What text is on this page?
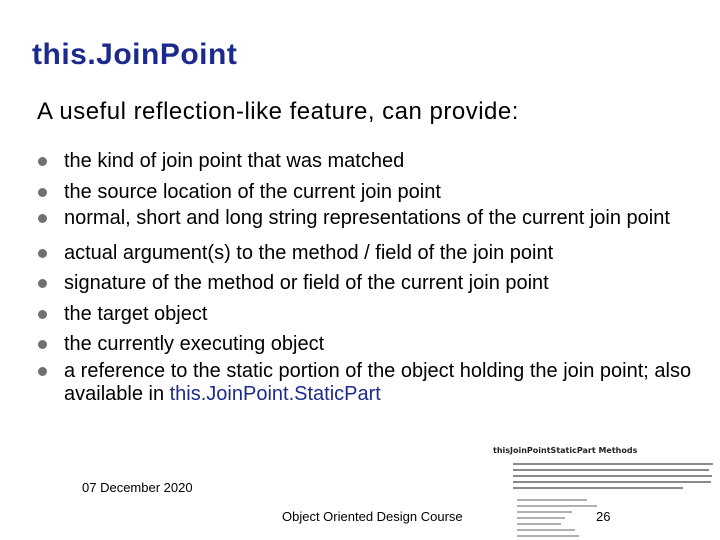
this.JoinPoint
A useful reflection-like feature, can provide:
the kind of join point that was matched
the source location of the current join point
normal, short and long string representations of the current join point
actual argument(s) to the method / field of the join point
signature of the method or field of the current join point
the target object
the currently executing object
a reference to the static portion of the object holding the join point; also available in this.JoinPoint.StaticPart
thisJoinPointStaticPart Methods
07 December 2020
Object Oriented Design Course	26
